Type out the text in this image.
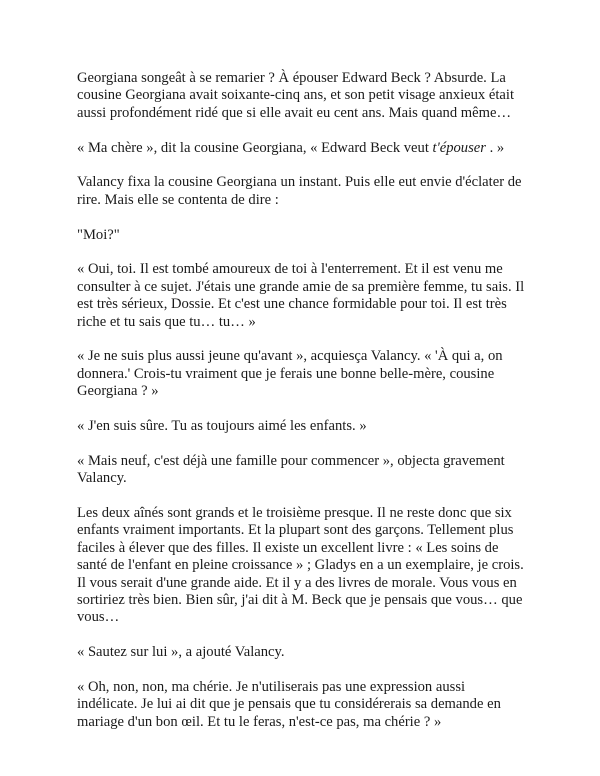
Georgiana songeât à se remarier ? À épouser Edward Beck ? Absurde. La cousine Georgiana avait soixante-cinq ans, et son petit visage anxieux était aussi profondément ridé que si elle avait eu cent ans. Mais quand même…

« Ma chère », dit la cousine Georgiana, « Edward Beck veut t'épouser . »

Valancy fixa la cousine Georgiana un instant. Puis elle eut envie d'éclater de rire. Mais elle se contenta de dire :

"Moi?"

« Oui, toi. Il est tombé amoureux de toi à l'enterrement. Et il est venu me consulter à ce sujet. J'étais une grande amie de sa première femme, tu sais. Il est très sérieux, Dossie. Et c'est une chance formidable pour toi. Il est très riche et tu sais que tu… tu… »

« Je ne suis plus aussi jeune qu'avant », acquiesça Valancy. « 'À qui a, on donnera.' Crois-tu vraiment que je ferais une bonne belle-mère, cousine Georgiana ? »

« J'en suis sûre. Tu as toujours aimé les enfants. »

« Mais neuf, c'est déjà une famille pour commencer », objecta gravement Valancy.

Les deux aînés sont grands et le troisième presque. Il ne reste donc que six enfants vraiment importants. Et la plupart sont des garçons. Tellement plus faciles à élever que des filles. Il existe un excellent livre : « Les soins de santé de l'enfant en pleine croissance » ; Gladys en a un exemplaire, je crois. Il vous serait d'une grande aide. Et il y a des livres de morale. Vous vous en sortiriez très bien. Bien sûr, j'ai dit à M. Beck que je pensais que vous… que vous…

« Sautez sur lui », a ajouté Valancy.

« Oh, non, non, ma chérie. Je n'utiliserais pas une expression aussi indélicate. Je lui ai dit que je pensais que tu considérerais sa demande en mariage d'un bon œil. Et tu le feras, n'est-ce pas, ma chérie ? »
